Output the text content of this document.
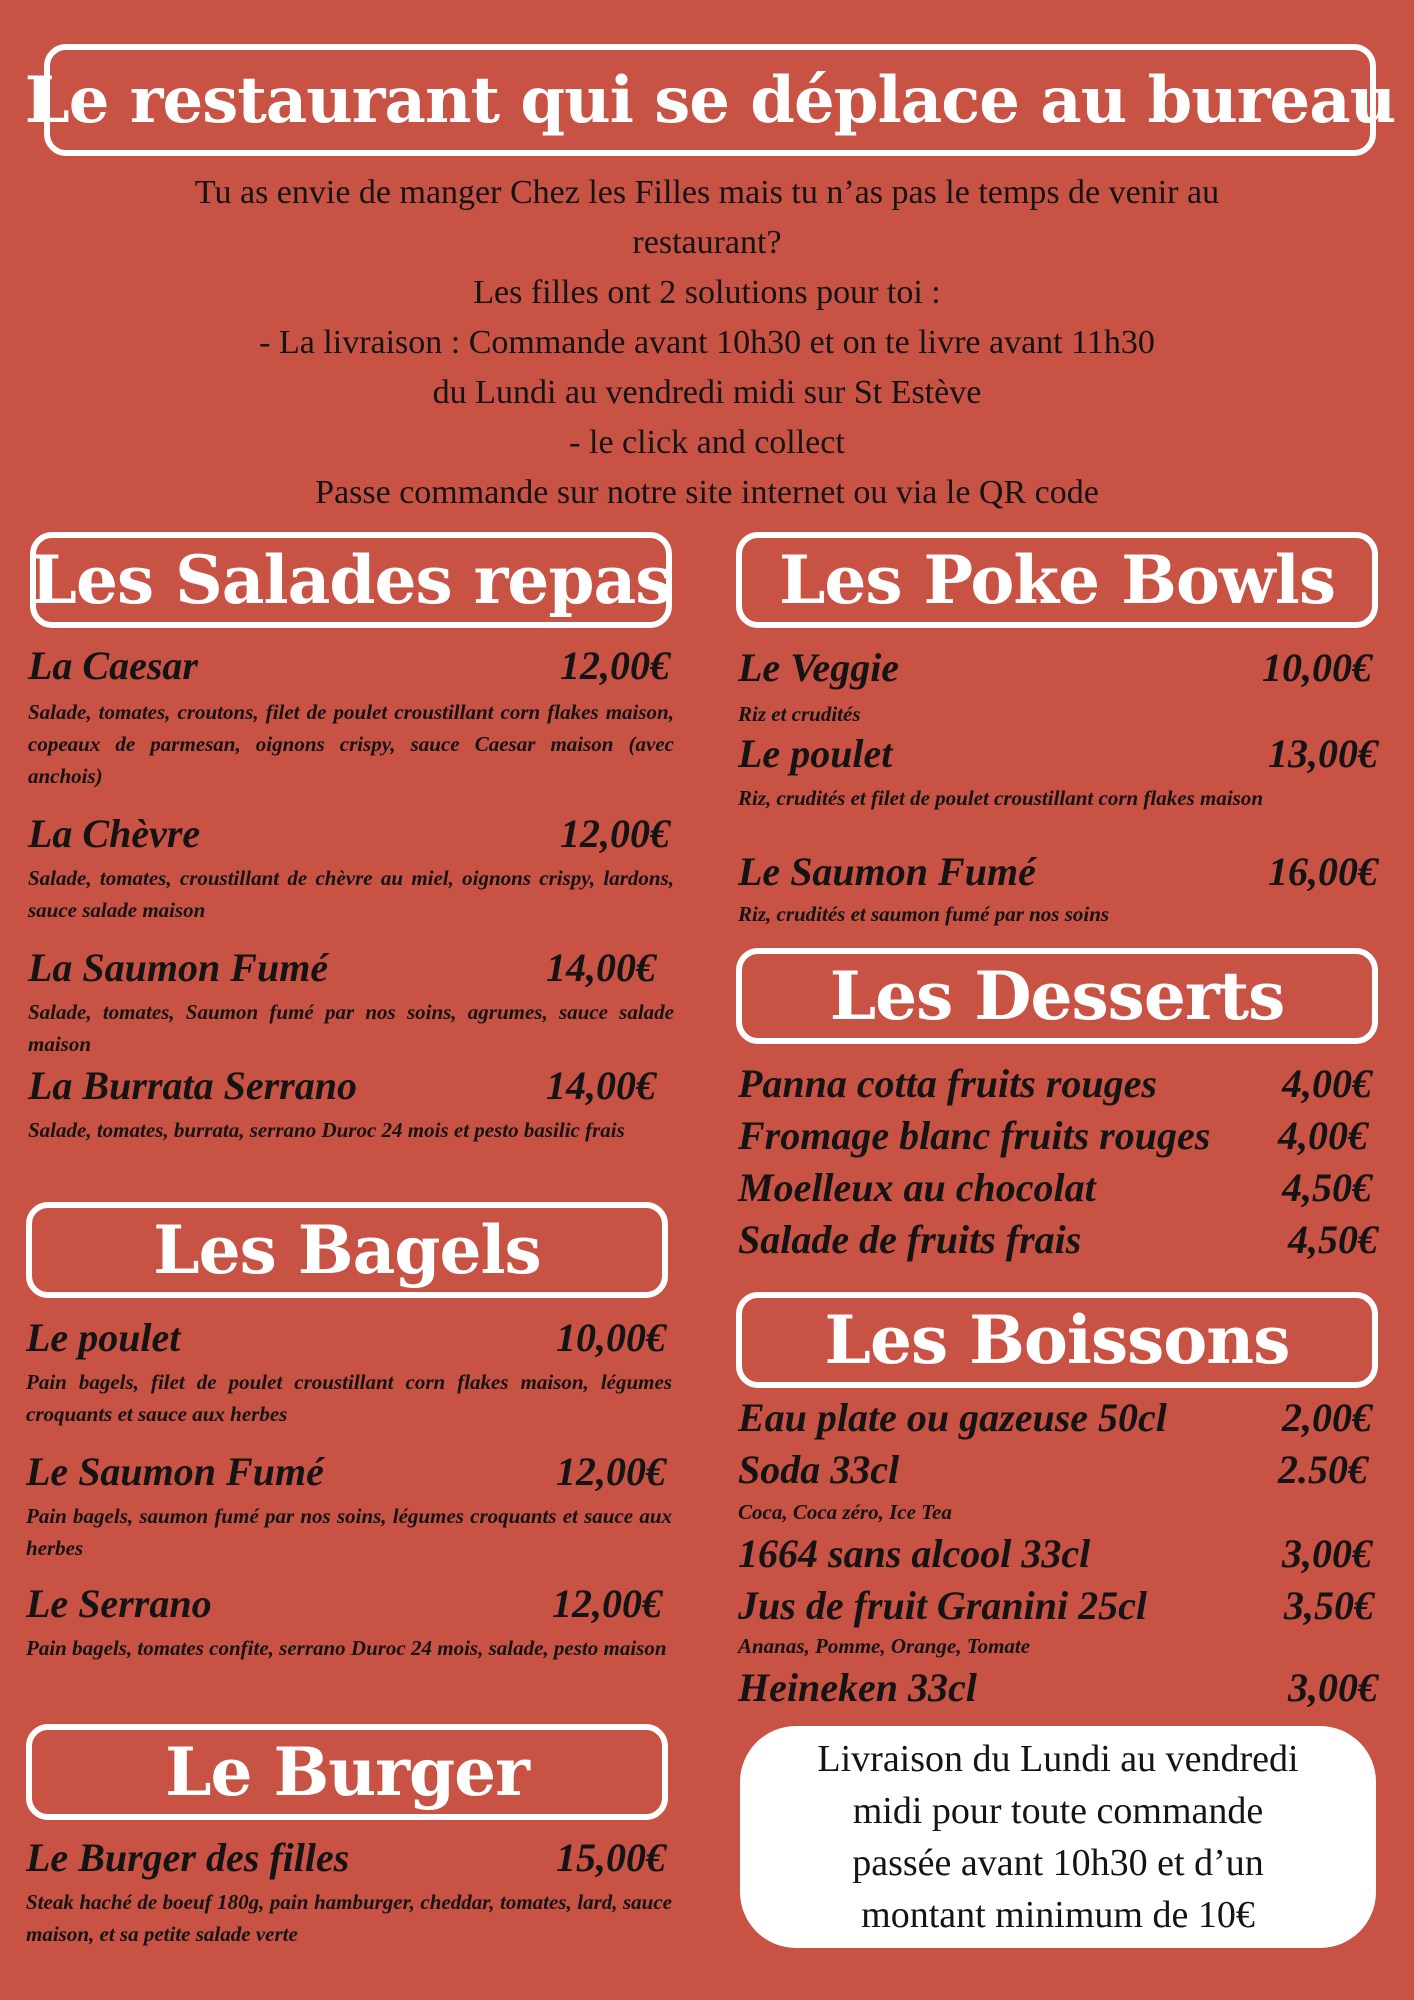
Le restaurant qui se déplace au bureau
Tu as envie de manger Chez les Filles mais tu n’as pas le temps de venir au
restaurant?
Les filles ont 2 solutions pour toi :
- La livraison : Commande avant 10h30 et on te livre avant 11h30
du Lundi au vendredi midi sur St Estève
- le click and collect
Passe commande sur notre site internet ou via le QR code
Les Salades repas
La Caesar	12,00€
Salade, tomates, croutons, filet de poulet croustillant corn flakes maison, copeaux de parmesan, oignons crispy, sauce Caesar maison (avec anchois)
La Chèvre	12,00€
Salade, tomates, croustillant de chèvre au miel, oignons crispy, lardons, sauce salade maison
La Saumon Fumé	14,00€
Salade, tomates, Saumon fumé par nos soins, agrumes, sauce salade maison
La Burrata Serrano	14,00€
Salade, tomates, burrata, serrano Duroc 24 mois et pesto basilic frais
Les Bagels
Le poulet	10,00€
Pain bagels, filet de poulet croustillant corn flakes maison, légumes croquants et sauce aux herbes
Le Saumon Fumé	12,00€
Pain bagels, saumon fumé par nos soins, légumes croquants et sauce aux herbes
Le Serrano	12,00€
Pain bagels, tomates confite, serrano Duroc 24 mois, salade, pesto maison
Le Burger
Le Burger des filles	15,00€
Steak haché de boeuf 180g, pain hamburger, cheddar, tomates, lard, sauce maison, et sa petite salade verte
Les Poke Bowls
Le Veggie	10,00€
Riz et crudités
Le poulet	13,00€
Riz, crudités et filet de poulet croustillant corn flakes maison
Le Saumon Fumé	16,00€
Riz, crudités et saumon fumé par nos soins
Les Desserts
Panna cotta fruits rouges	4,00€
Fromage blanc fruits rouges	4,00€
Moelleux au chocolat	4,50€
Salade de fruits frais	4,50€
Les Boissons
Eau plate ou gazeuse 50cl	2,00€
Soda 33cl	2.50€
Coca, Coca zéro, Ice Tea
1664 sans alcool 33cl	3,00€
Jus de fruit Granini 25cl	3,50€
Ananas, Pomme, Orange, Tomate
Heineken 33cl	3,00€
Livraison du Lundi au vendredi
midi pour toute commande
passée avant 10h30 et d’un
montant minimum de 10€
